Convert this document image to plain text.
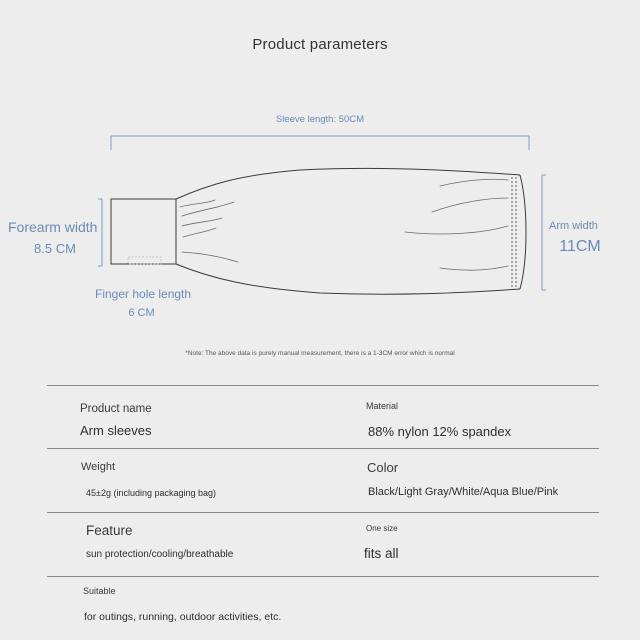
Product parameters
Sleeve length: 50CM
Forearm width
8.5 CM
Arm width
11CM
Finger hole length
6 CM
*Note: The above data is purely manual measurement, there is a 1-3CM error which is normal
Product name
Arm sleeves
Material
88% nylon 12% spandex
Weight
45±2g (including packaging bag)
Color
Black/Light Gray/White/Aqua Blue/Pink
Feature
sun protection/cooling/breathable
One size
fits all
Suitable
for outings, running, outdoor activities, etc.
